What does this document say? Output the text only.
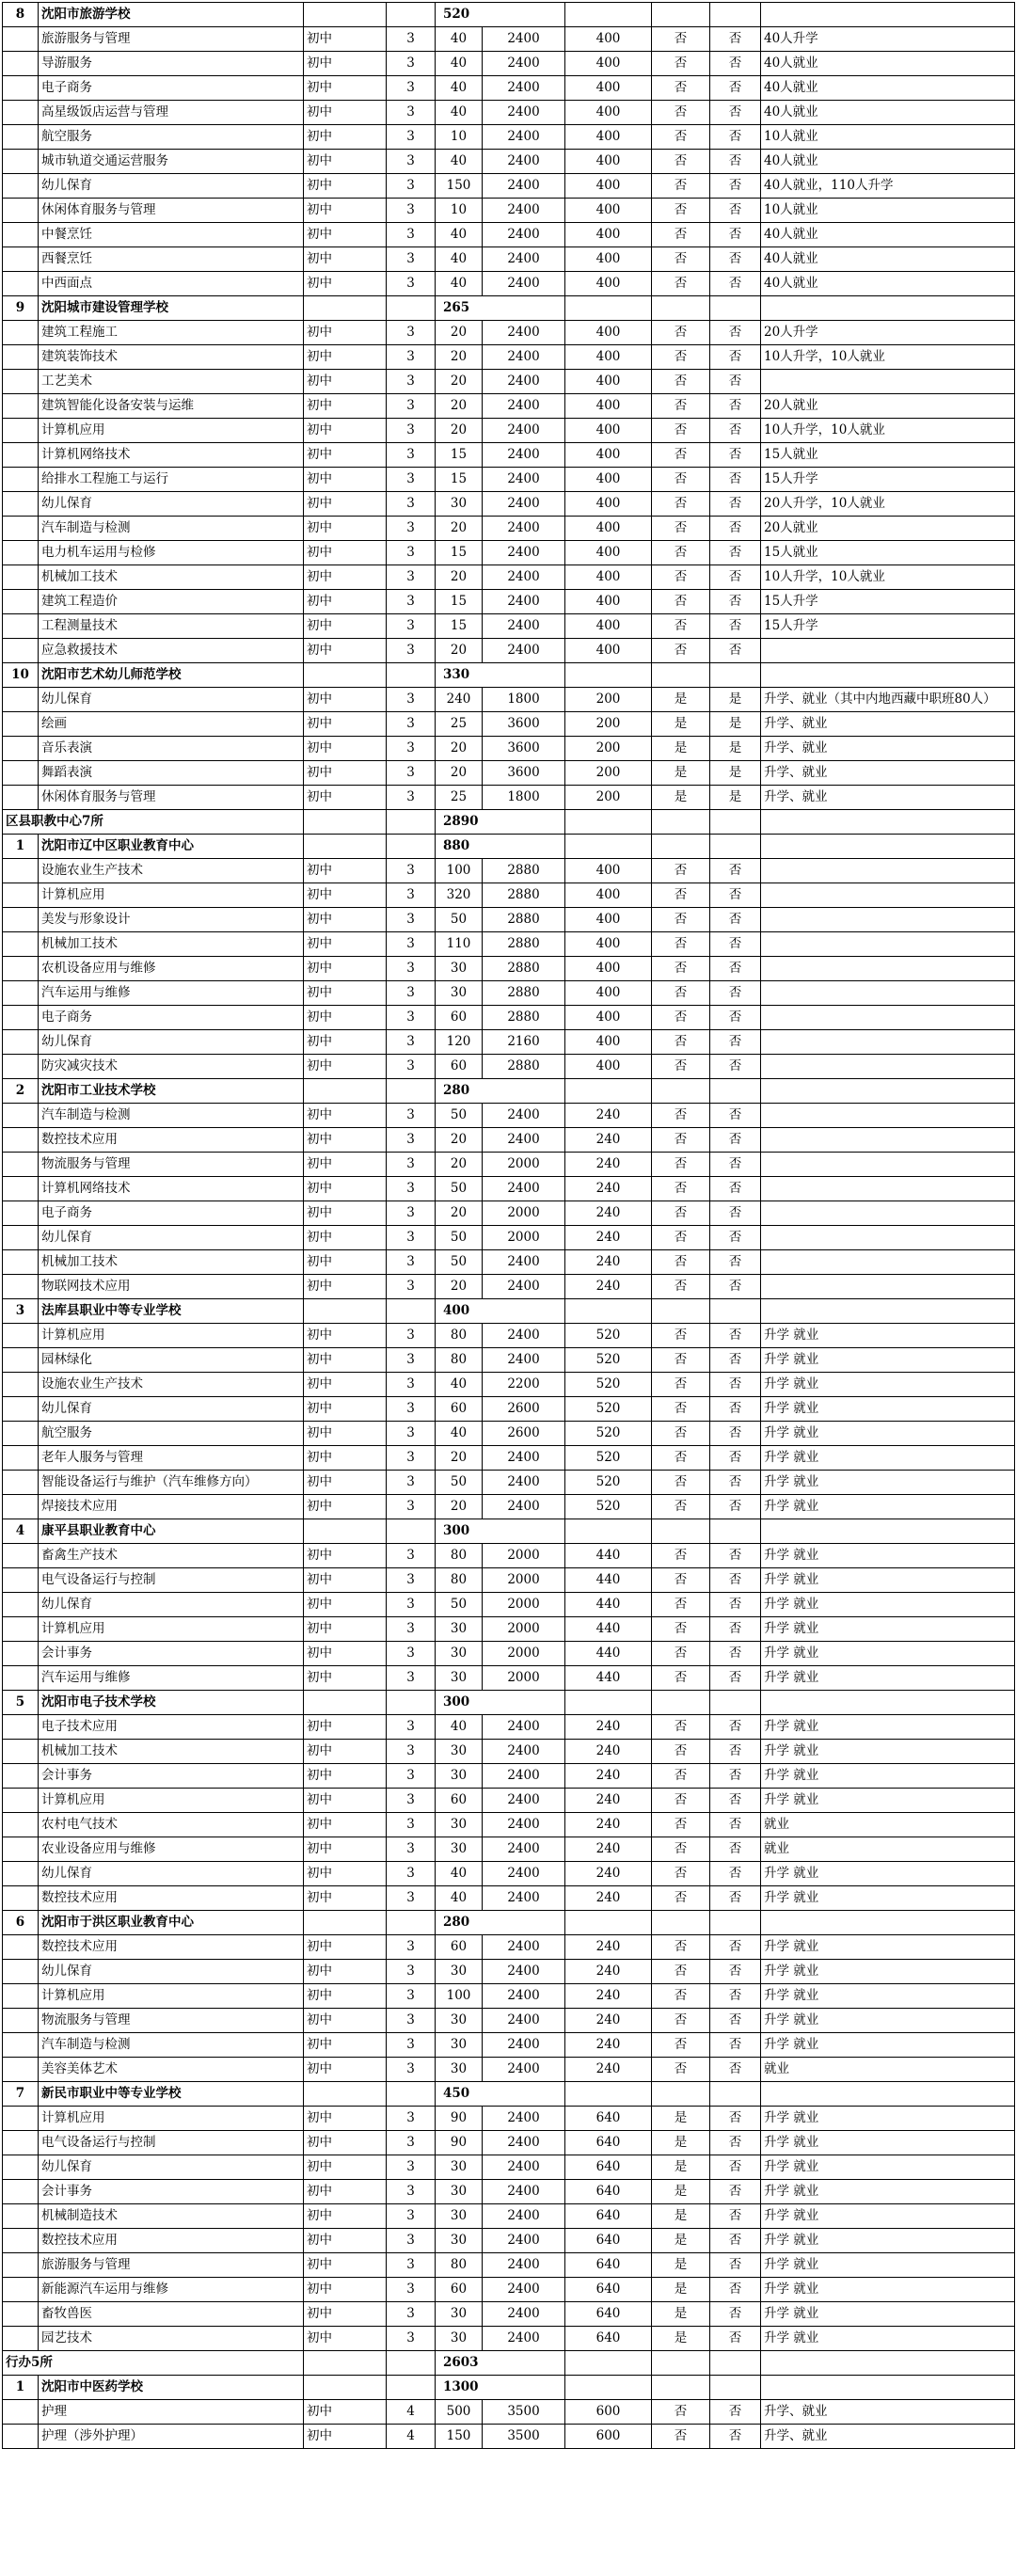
8	沈阳市旅游学校			520					
	旅游服务与管理	初中	3	40	2400	400	否	否	40人升学
	导游服务	初中	3	40	2400	400	否	否	40人就业
	电子商务	初中	3	40	2400	400	否	否	40人就业
	高星级饭店运营与管理	初中	3	40	2400	400	否	否	40人就业
	航空服务	初中	3	10	2400	400	否	否	10人就业
	城市轨道交通运营服务	初中	3	40	2400	400	否	否	40人就业
	幼儿保育	初中	3	150	2400	400	否	否	40人就业，110人升学
	休闲体育服务与管理	初中	3	10	2400	400	否	否	10人就业
	中餐烹饪	初中	3	40	2400	400	否	否	40人就业
	西餐烹饪	初中	3	40	2400	400	否	否	40人就业
	中西面点	初中	3	40	2400	400	否	否	40人就业
9	沈阳城市建设管理学校			265					
	建筑工程施工	初中	3	20	2400	400	否	否	20人升学
	建筑装饰技术	初中	3	20	2400	400	否	否	10人升学，10人就业
	工艺美术	初中	3	20	2400	400	否	否	
	建筑智能化设备安装与运维	初中	3	20	2400	400	否	否	20人就业
	计算机应用	初中	3	20	2400	400	否	否	10人升学，10人就业
	计算机网络技术	初中	3	15	2400	400	否	否	15人就业
	给排水工程施工与运行	初中	3	15	2400	400	否	否	15人升学
	幼儿保育	初中	3	30	2400	400	否	否	20人升学，10人就业
	汽车制造与检测	初中	3	20	2400	400	否	否	20人就业
	电力机车运用与检修	初中	3	15	2400	400	否	否	15人就业
	机械加工技术	初中	3	20	2400	400	否	否	10人升学，10人就业
	建筑工程造价	初中	3	15	2400	400	否	否	15人升学
	工程测量技术	初中	3	15	2400	400	否	否	15人升学
	应急救援技术	初中	3	20	2400	400	否	否	
10	沈阳市艺术幼儿师范学校			330					
	幼儿保育	初中	3	240	1800	200	是	是	升学、就业（其中内地西藏中职班80人）
	绘画	初中	3	25	3600	200	是	是	升学、就业
	音乐表演	初中	3	20	3600	200	是	是	升学、就业
	舞蹈表演	初中	3	20	3600	200	是	是	升学、就业
	休闲体育服务与管理	初中	3	25	1800	200	是	是	升学、就业
区县职教中心7所				2890					
1	沈阳市辽中区职业教育中心			880					
	设施农业生产技术	初中	3	100	2880	400	否	否	
	计算机应用	初中	3	320	2880	400	否	否	
	美发与形象设计	初中	3	50	2880	400	否	否	
	机械加工技术	初中	3	110	2880	400	否	否	
	农机设备应用与维修	初中	3	30	2880	400	否	否	
	汽车运用与维修	初中	3	30	2880	400	否	否	
	电子商务	初中	3	60	2880	400	否	否	
	幼儿保育	初中	3	120	2160	400	否	否	
	防灾减灾技术	初中	3	60	2880	400	否	否	
2	沈阳市工业技术学校			280					
	汽车制造与检测	初中	3	50	2400	240	否	否	
	数控技术应用	初中	3	20	2400	240	否	否	
	物流服务与管理	初中	3	20	2000	240	否	否	
	计算机网络技术	初中	3	50	2400	240	否	否	
	电子商务	初中	3	20	2000	240	否	否	
	幼儿保育	初中	3	50	2000	240	否	否	
	机械加工技术	初中	3	50	2400	240	否	否	
	物联网技术应用	初中	3	20	2400	240	否	否	
3	法库县职业中等专业学校			400					
	计算机应用	初中	3	80	2400	520	否	否	升学 就业
	园林绿化	初中	3	80	2400	520	否	否	升学 就业
	设施农业生产技术	初中	3	40	2200	520	否	否	升学 就业
	幼儿保育	初中	3	60	2600	520	否	否	升学 就业
	航空服务	初中	3	40	2600	520	否	否	升学 就业
	老年人服务与管理	初中	3	20	2400	520	否	否	升学 就业
	智能设备运行与维护（汽车维修方向）	初中	3	50	2400	520	否	否	升学 就业
	焊接技术应用	初中	3	20	2400	520	否	否	升学 就业
4	康平县职业教育中心			300					
	畜禽生产技术	初中	3	80	2000	440	否	否	升学 就业
	电气设备运行与控制	初中	3	80	2000	440	否	否	升学 就业
	幼儿保育	初中	3	50	2000	440	否	否	升学 就业
	计算机应用	初中	3	30	2000	440	否	否	升学 就业
	会计事务	初中	3	30	2000	440	否	否	升学 就业
	汽车运用与维修	初中	3	30	2000	440	否	否	升学 就业
5	沈阳市电子技术学校			300					
	电子技术应用	初中	3	40	2400	240	否	否	升学 就业
	机械加工技术	初中	3	30	2400	240	否	否	升学 就业
	会计事务	初中	3	30	2400	240	否	否	升学 就业
	计算机应用	初中	3	60	2400	240	否	否	升学 就业
	农村电气技术	初中	3	30	2400	240	否	否	就业
	农业设备应用与维修	初中	3	30	2400	240	否	否	就业
	幼儿保育	初中	3	40	2400	240	否	否	升学 就业
	数控技术应用	初中	3	40	2400	240	否	否	升学 就业
6	沈阳市于洪区职业教育中心			280					
	数控技术应用	初中	3	60	2400	240	否	否	升学 就业
	幼儿保育	初中	3	30	2400	240	否	否	升学 就业
	计算机应用	初中	3	100	2400	240	否	否	升学 就业
	物流服务与管理	初中	3	30	2400	240	否	否	升学 就业
	汽车制造与检测	初中	3	30	2400	240	否	否	升学 就业
	美容美体艺术	初中	3	30	2400	240	否	否	就业
7	新民市职业中等专业学校			450					
	计算机应用	初中	3	90	2400	640	是	否	升学 就业
	电气设备运行与控制	初中	3	90	2400	640	是	否	升学 就业
	幼儿保育	初中	3	30	2400	640	是	否	升学 就业
	会计事务	初中	3	30	2400	640	是	否	升学 就业
	机械制造技术	初中	3	30	2400	640	是	否	升学 就业
	数控技术应用	初中	3	30	2400	640	是	否	升学 就业
	旅游服务与管理	初中	3	80	2400	640	是	否	升学 就业
	新能源汽车运用与维修	初中	3	60	2400	640	是	否	升学 就业
	畜牧兽医	初中	3	30	2400	640	是	否	升学 就业
	园艺技术	初中	3	30	2400	640	是	否	升学 就业
行办5所				2603					
1	沈阳市中医药学校			1300					
	护理	初中	4	500	3500	600	否	否	升学、就业
	护理（涉外护理）	初中	4	150	3500	600	否	否	升学、就业
